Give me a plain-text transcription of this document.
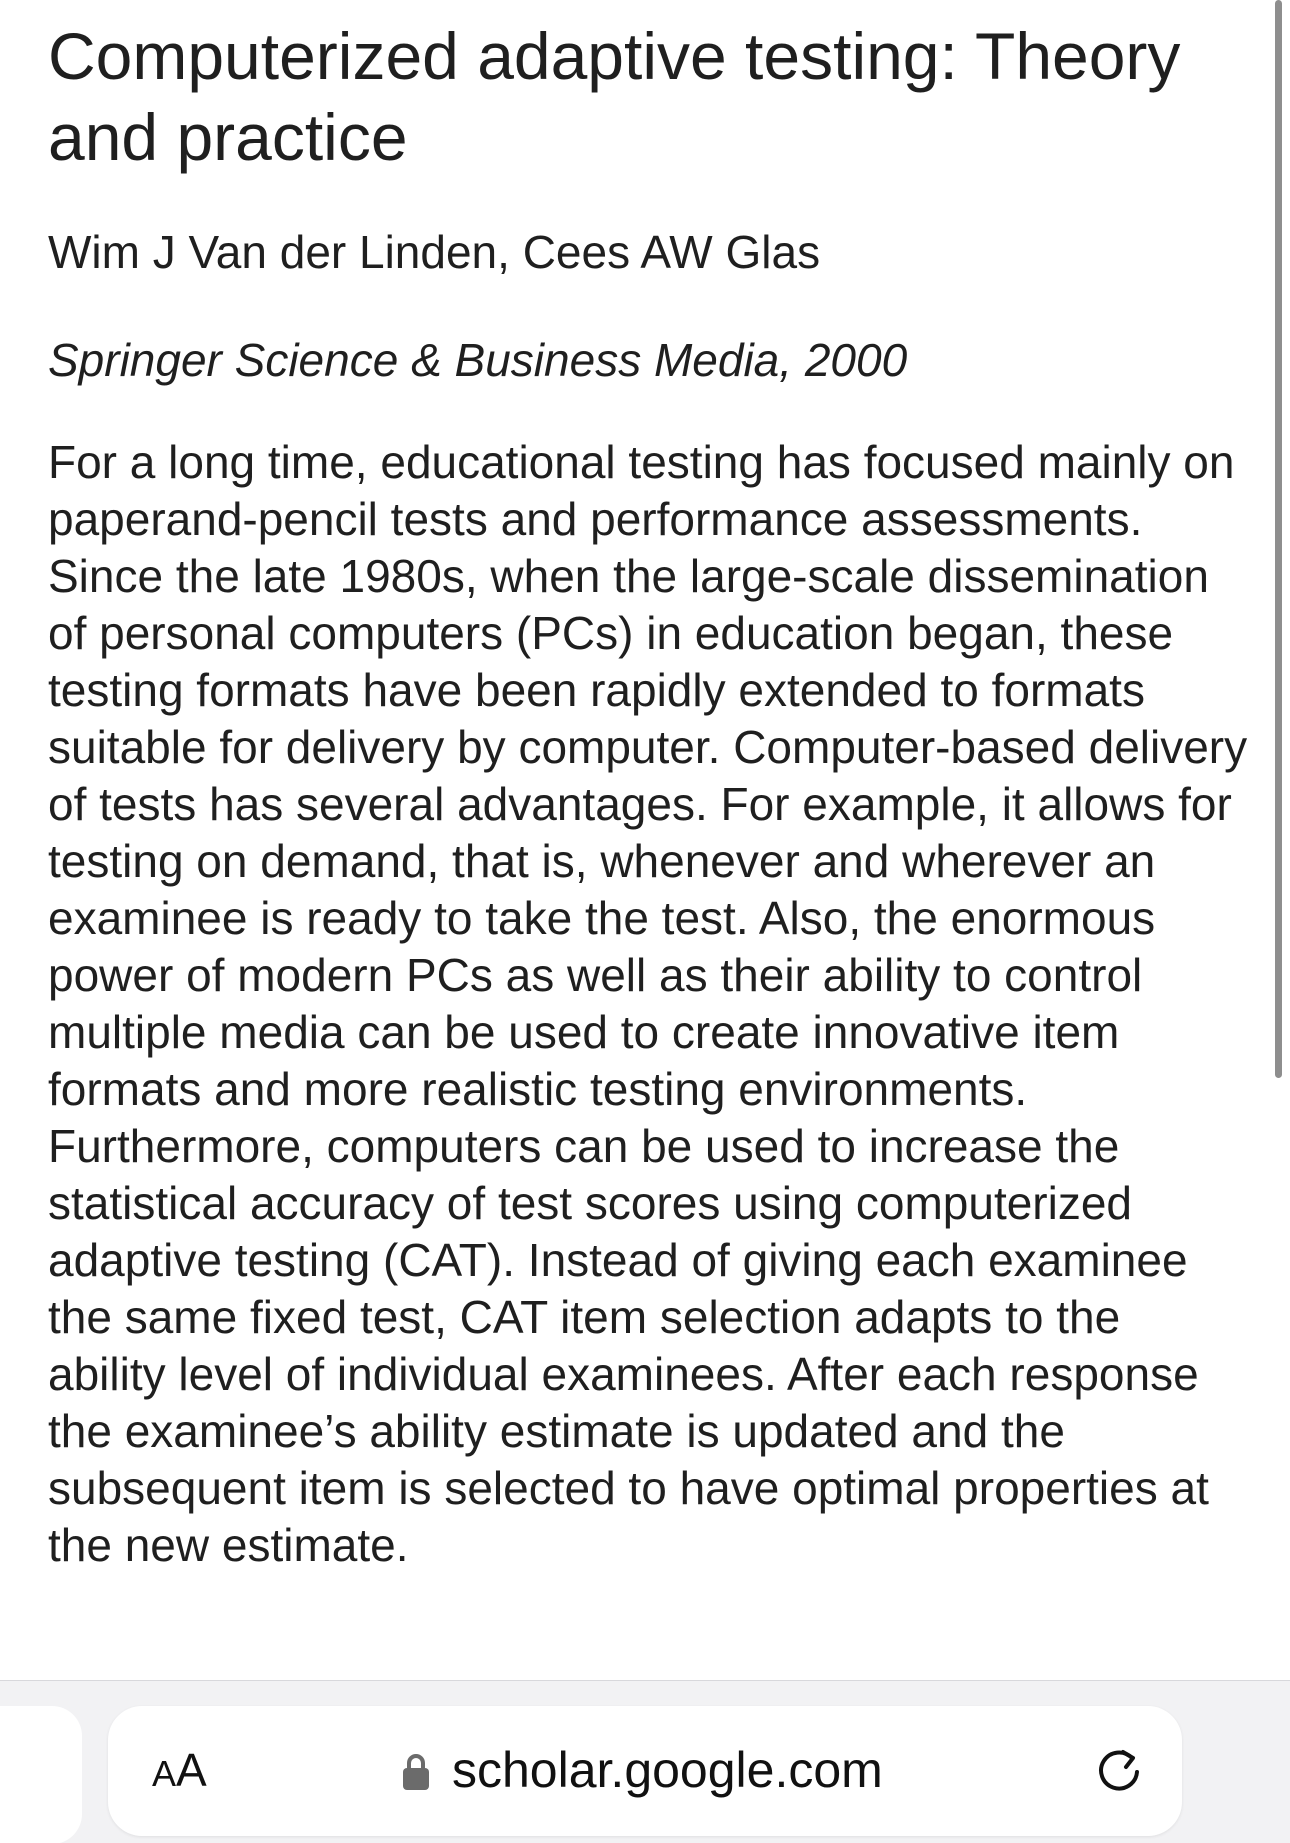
Computerized adaptive testing: Theory and practice

Wim J Van der Linden, Cees AW Glas

Springer Science & Business Media, 2000

For a long time, educational testing has focused mainly on paperand-pencil tests and performance assessments. Since the late 1980s, when the large-scale dissemination of personal computers (PCs) in education began, these testing formats have been rapidly extended to formats suitable for delivery by computer. Computer-based delivery of tests has several advantages. For example, it allows for testing on demand, that is, whenever and wherever an examinee is ready to take the test. Also, the enormous power of modern PCs as well as their ability to control multiple media can be used to create innovative item formats and more realistic testing environments. Furthermore, computers can be used to increase the statistical accuracy of test scores using computerized adaptive testing (CAT). Instead of giving each examinee the same fixed test, CAT item selection adapts to the ability level of individual examinees. After each response the examinee’s ability estimate is updated and the subsequent item is selected to have optimal properties at the new estimate.

AA	scholar.google.com
